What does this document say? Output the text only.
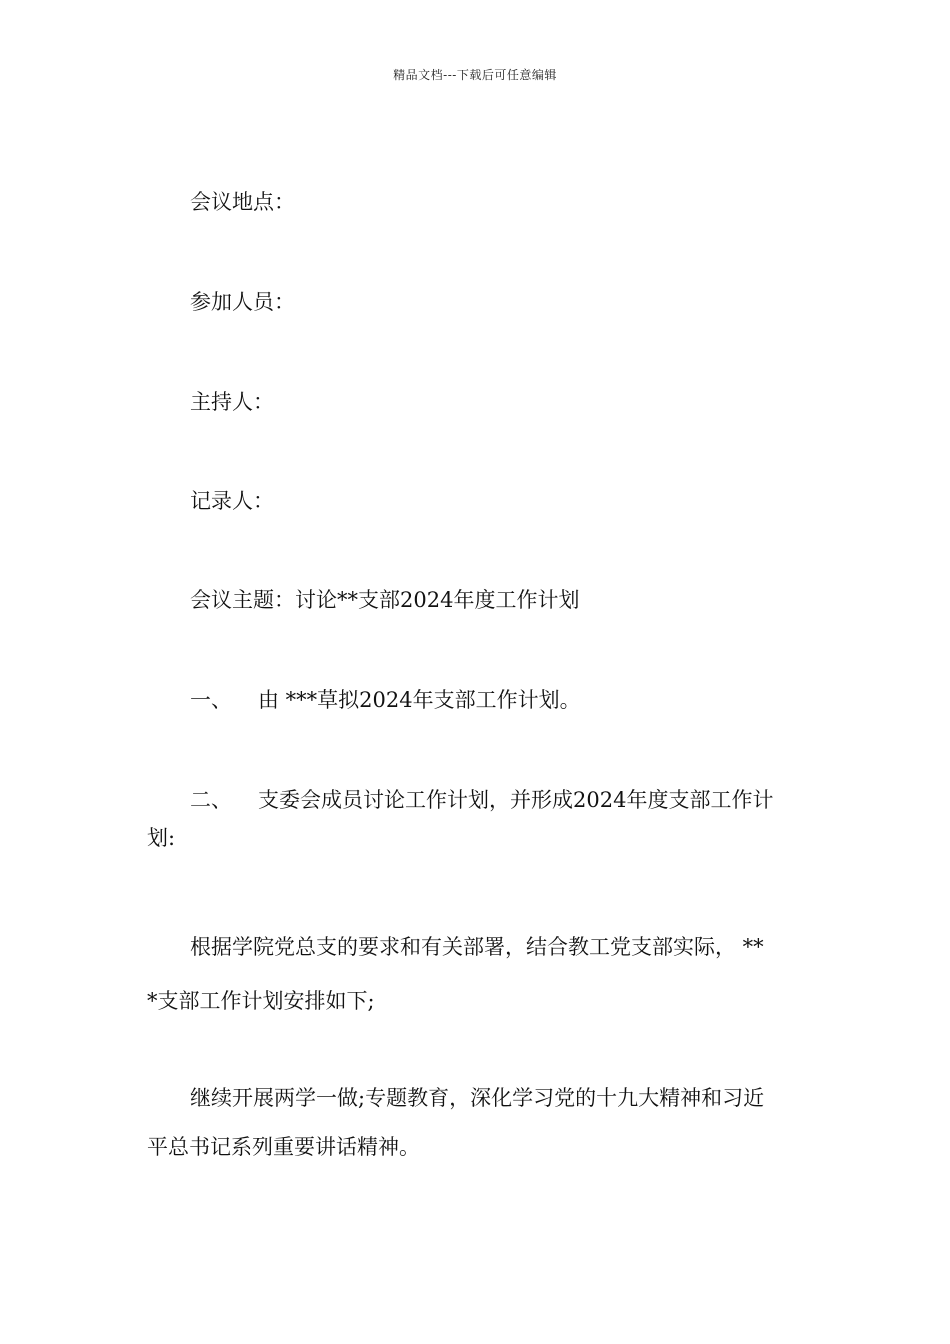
精品文档---下载后可任意编辑
会议地点：
参加人员：
主持人：
记录人：
会议主题：讨论**支部2024年度工作计划
一、 由 ***草拟2024年支部工作计划。
二、 支委会成员讨论工作计划，并形成2024年度支部工作计
划:
根据学院党总支的要求和有关部署，结合教工党支部实际， **
*支部工作计划安排如下;
继续开展两学一做;专题教育，深化学习党的十九大精神和习近
平总书记系列重要讲话精神。
